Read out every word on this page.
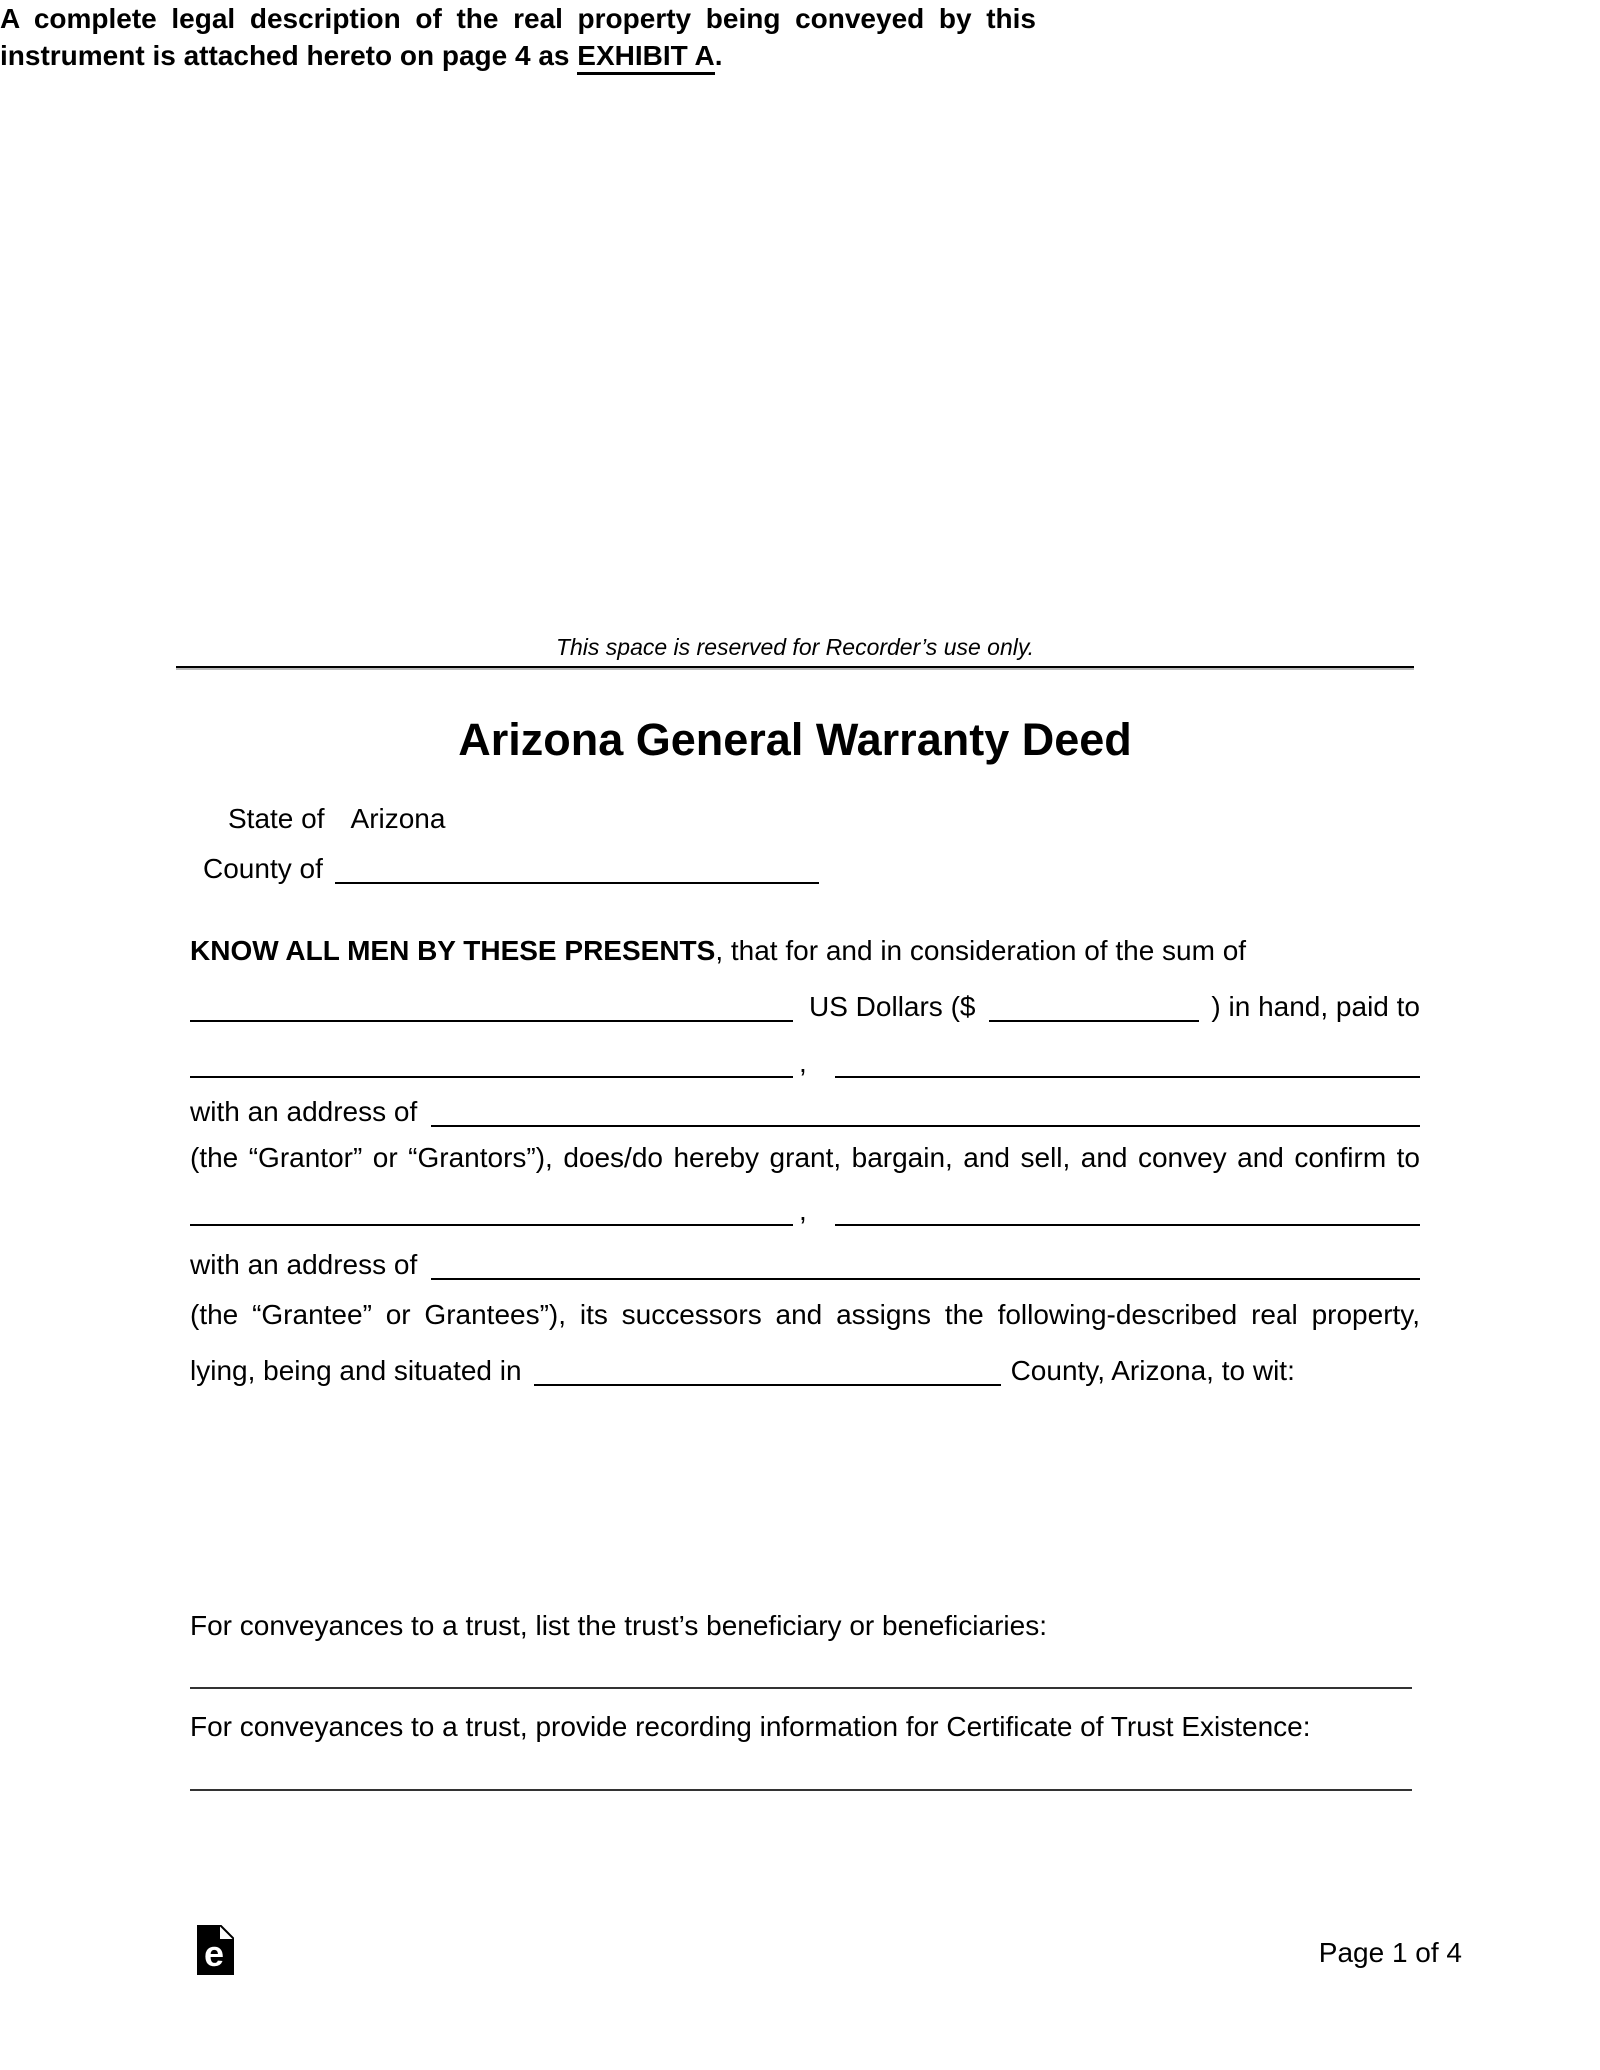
This space is reserved for Recorder’s use only.
Arizona General Warranty Deed
State of Arizona
County of
KNOW ALL MEN BY THESE PRESENTS, that for and in consideration of the sum of
US Dollars ($	) in hand, paid to
,
with an address of
(the “Grantor” or “Grantors”), does/do hereby grant, bargain, and sell, and convey and confirm to
,
with an address of
(the “Grantee” or Grantees”), its successors and assigns the following-described real property,
lying, being and situated in	County, Arizona, to wit:
A complete legal description of the real property being conveyed by this
instrument is attached hereto on page 4 as EXHIBIT A.
For conveyances to a trust, list the trust’s beneficiary or beneficiaries:
For conveyances to a trust, provide recording information for Certificate of Trust Existence:
e	Page 1 of 4
